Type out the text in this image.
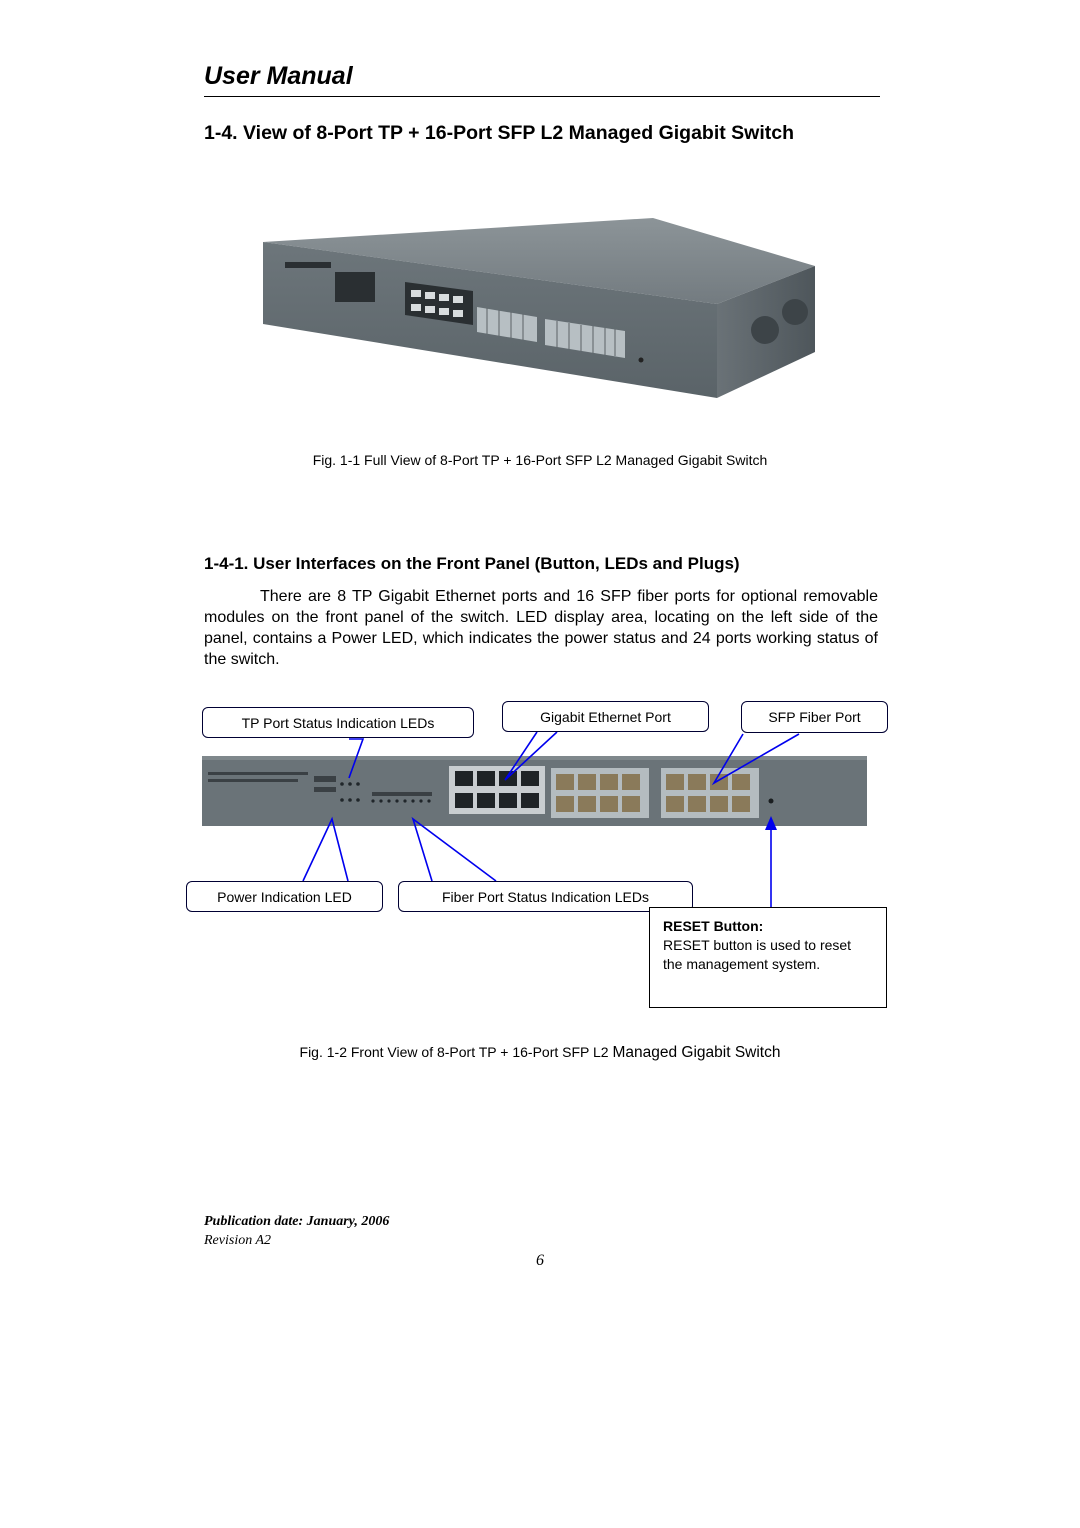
User Manual
1-4. View of 8-Port TP + 16-Port SFP L2 Managed Gigabit Switch
Fig. 1-1 Full View of 8-Port TP + 16-Port SFP L2 Managed Gigabit Switch
1-4-1. User Interfaces on the Front Panel (Button, LEDs and Plugs)
There are 8 TP Gigabit Ethernet ports and 16 SFP fiber ports for optional removable modules on the front panel of the switch. LED display area, locating on the left side of the panel, contains a Power LED, which indicates the power status and 24 ports working status of the switch.
TP Port Status Indication LEDs	Gigabit Ethernet Port	SFP Fiber Port
Power Indication LED	Fiber Port Status Indication LEDs
RESET Button:
RESET button is used to reset the management system.
Fig. 1-2 Front View of 8-Port TP + 16-Port SFP L2 Managed Gigabit Switch
Publication date: January, 2006
Revision A2
6
